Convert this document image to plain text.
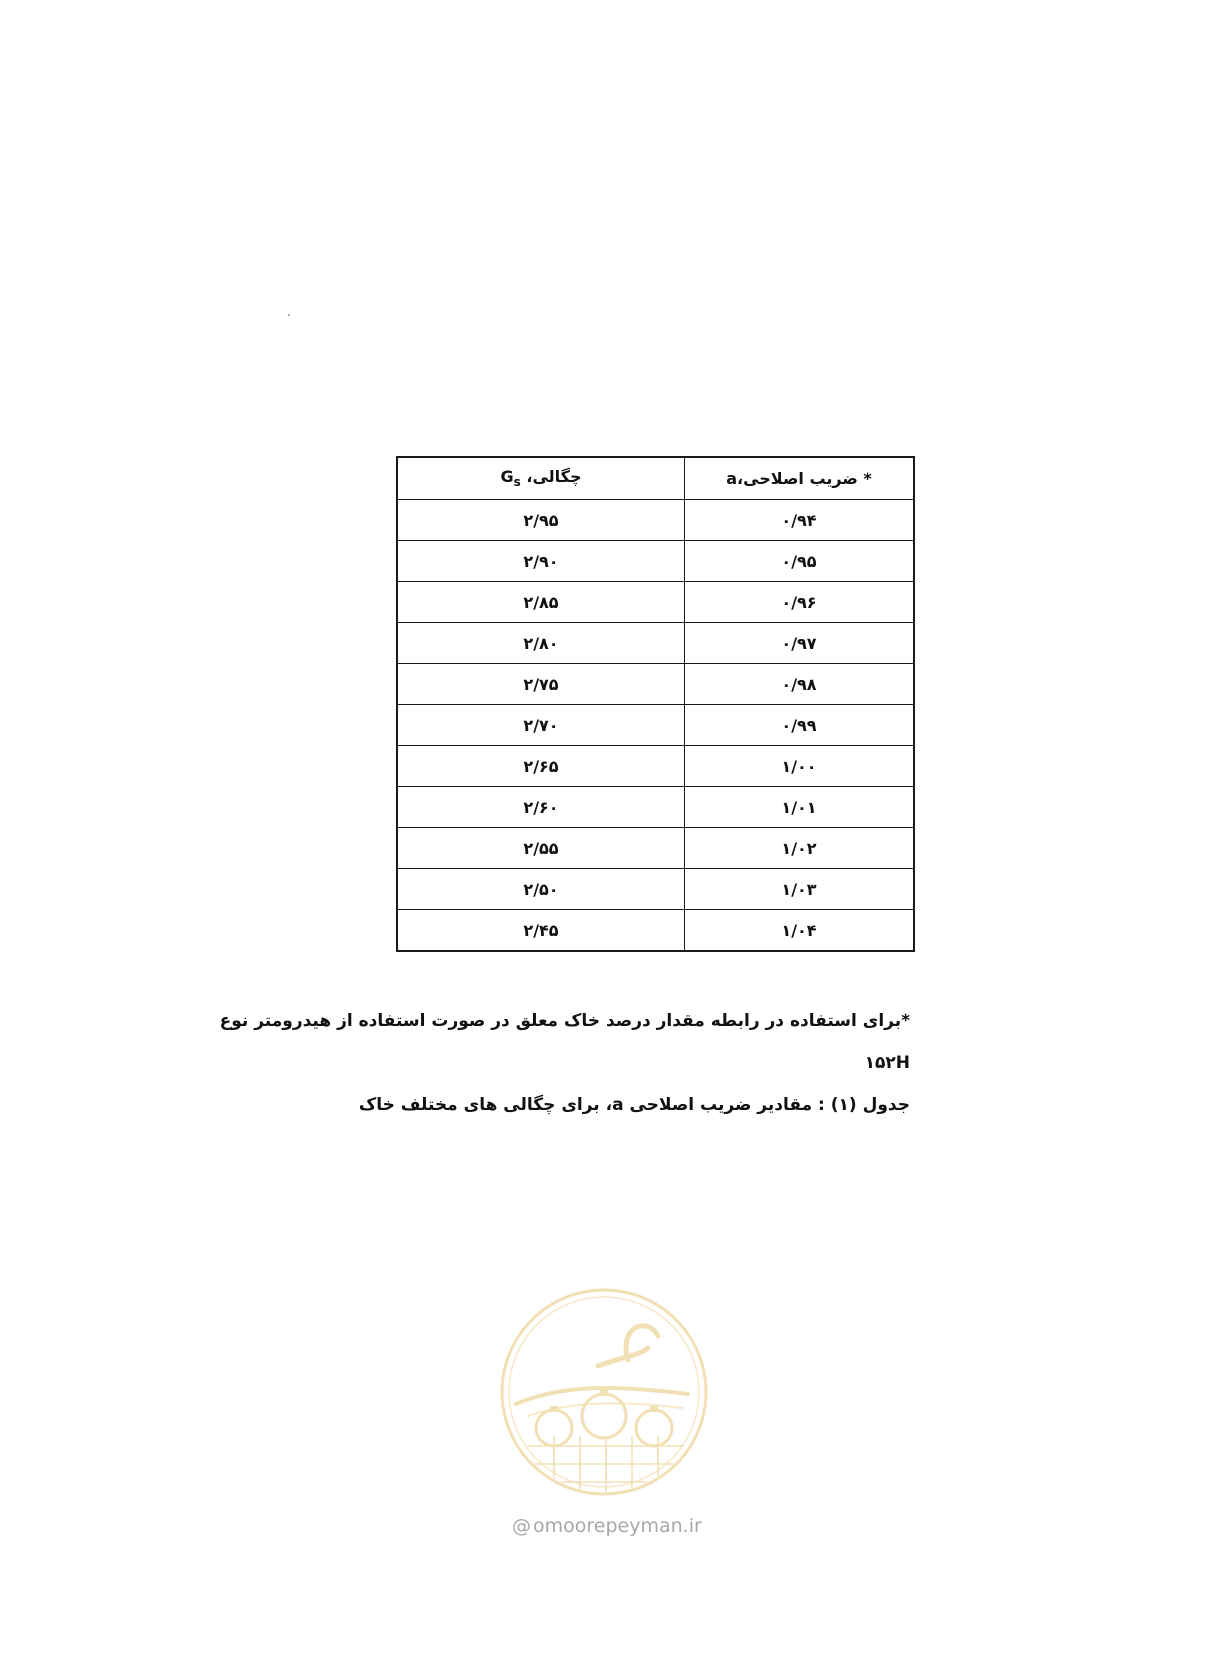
* ضریب اصلاحی،a	چگالی، $G_s$
۰/۹۴	۲/۹۵
۰/۹۵	۲/۹۰
۰/۹۶	۲/۸۵
۰/۹۷	۲/۸۰
۰/۹۸	۲/۷۵
۰/۹۹	۲/۷۰
۱/۰۰	۲/۶۵
۱/۰۱	۲/۶۰
۱/۰۲	۲/۵۵
۱/۰۳	۲/۵۰
۱/۰۴	۲/۴۵
*برای استفاده در رابطه مقدار درصد خاک معلق در صورت استفاده از هیدرومتر نوع
۱۵۲H
جدول (۱) : مقادیر ضریب اصلاحی a، برای چگالی های مختلف خاک
@ omoorepeyman.ir
